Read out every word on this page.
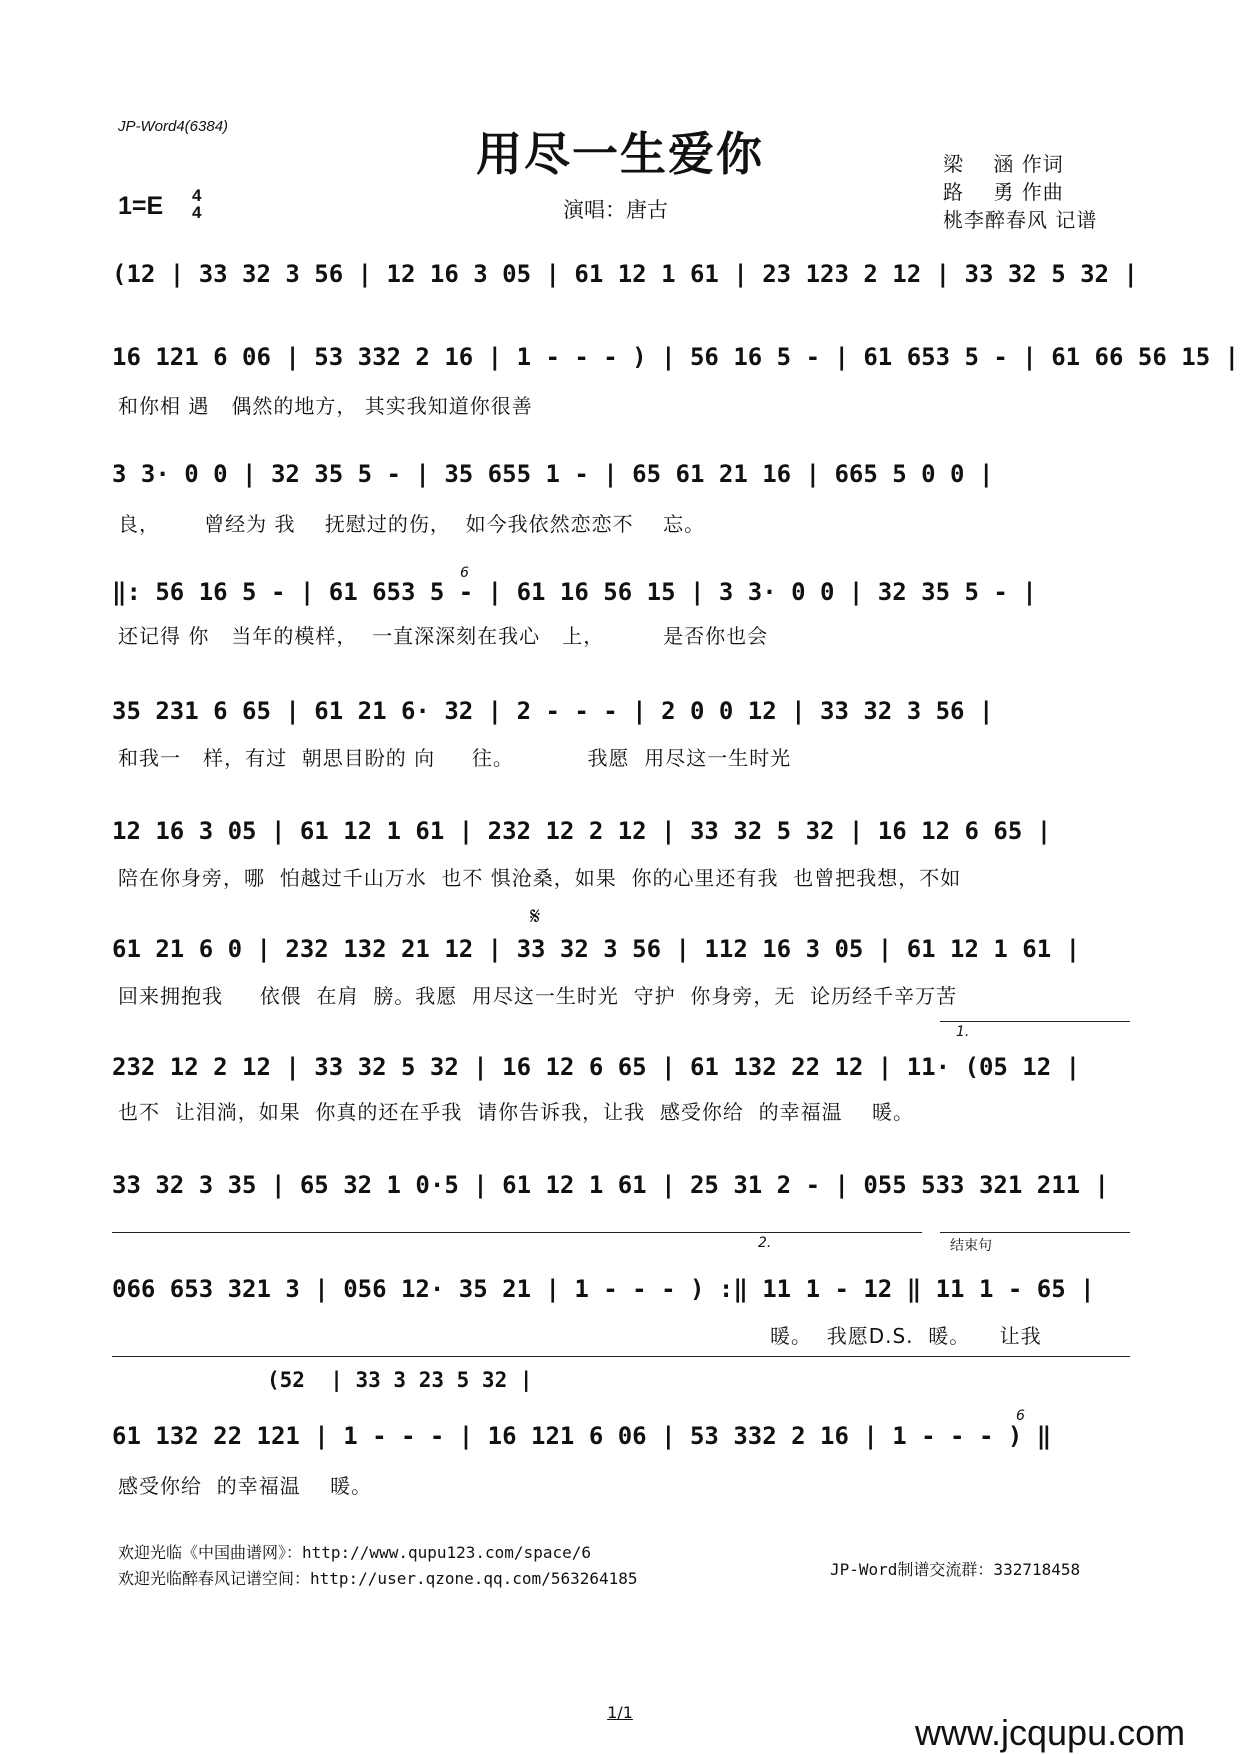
JP-Word4(6384)
用尽一生爱你
1=E 4
4	演唱：唐古
梁    涵 作词
路    勇 作曲
桃李醉春风 记谱
(12 | 33 32 3 56 | 12 16 3 05 | 61 12 1 61 | 23 123 2 12 | 33 32 5 32 |
16 121 6 06 | 53 332 2 16 | 1 - - - ) | 56 16 5 - | 61 653 5 - | 61 66 56 15 |
和你相 遇   偶然的地方， 其实我知道你很善
3 3· 0 0 | 32 35 5 - | 35 655 1 - | 65 61 21 16 | 665 5 0 0 |
良，      曾经为 我    抚慰过的伤，  如今我依然恋恋不    忘。
‖: 56 16 5 - | 61 653 5 - | 61 16 56 15 | 3 3· 0 0 | 32 35 5 - |
还记得 你   当年的模样，  一直深深刻在我心   上，        是否你也会
6
35 231 6 65 | 61 21 6· 32 | 2 - - - | 2 0 0 12 | 33 32 3 56 |
和我一   样，有过  朝思目盼的 向     往。          我愿  用尽这一生时光
12 16 3 05 | 61 12 1 61 | 232 12 2 12 | 33 32 5 32 | 16 12 6 65 |
陪在你身旁，哪  怕越过千山万水  也不 惧沧桑，如果  你的心里还有我  也曾把我想，不如
61 21 6 0 | 232 132 21 12 | 33 32 3 56 | 112 16 3 05 | 61 12 1 61 |
回来拥抱我     依偎  在肩  膀。我愿  用尽这一生时光  守护  你身旁，无  论历经千辛万苦
𝄋
1.
232 12 2 12 | 33 32 5 32 | 16 12 6 65 | 61 132 22 12 | 11· (05 12 |
也不  让泪淌，如果  你真的还在乎我  请你告诉我，让我  感受你给  的幸福温    暖。
33 32 3 35 | 65 32 1 0·5 | 61 12 1 61 | 25 31 2 - | 055 533 321 211 |
2.	结束句
066 653 321 3 | 056 12· 35 21 | 1 - - - ) :‖ 11 1 - 12 ‖ 11 1 - 65 |
暖。  我愿D.S.  暖。    让我
(52  | 33 3 23 5 32 |
61 132 22 121 | 1 - - - | 16 121 6 06 | 53 332 2 16 | 1 - - - ) ‖
感受你给  的幸福温    暖。
6
欢迎光临《中国曲谱网》：http://www.qupu123.com/space/6
欢迎光临醉春风记谱空间：http://user.qzone.qq.com/563264185	JP-Word制谱交流群：332718458
1/1	www.jcqupu.com
